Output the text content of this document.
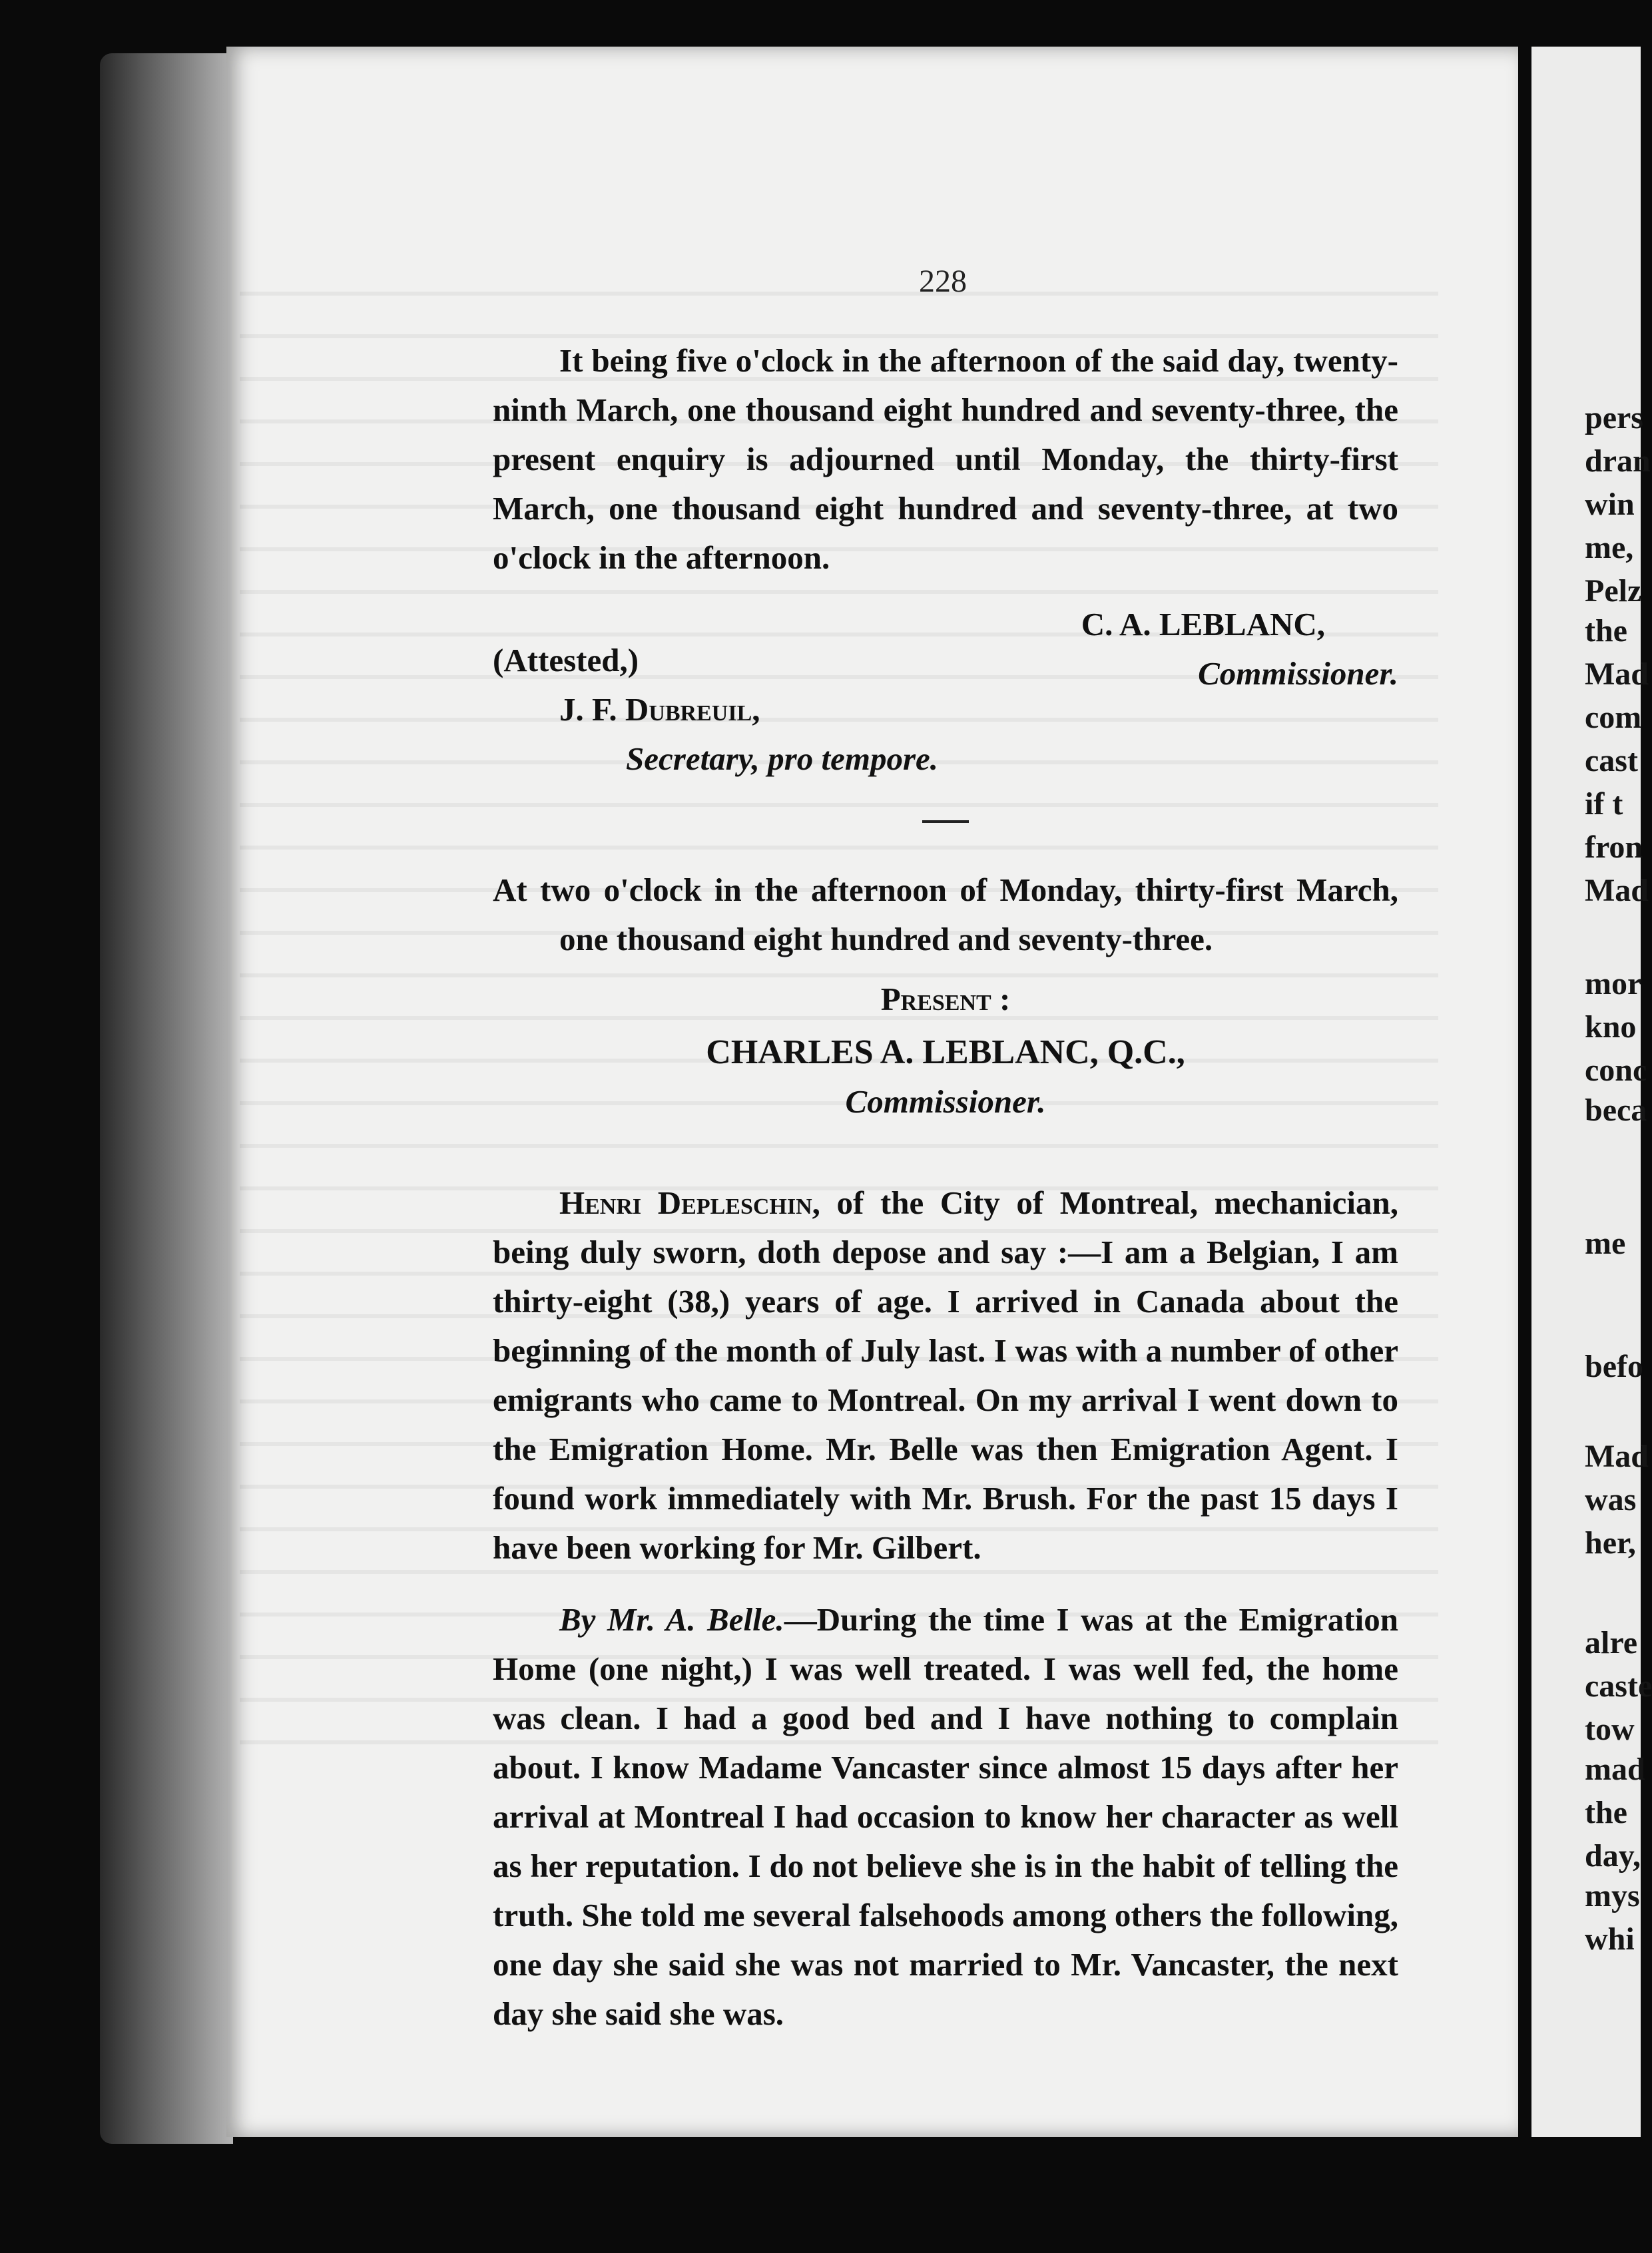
pers
dran
win
me,
Pelz
the
Mad
com
cast
if t
fron
Mad
mor
kno
conc
beca
me
befo
Mad
was
her,
alre
caste
tow
mad
the
day,
mys
whi
228
It being five o'clock in the afternoon of the said day, twenty-ninth March, one thousand eight hundred and seventy-three, the present enquiry is adjourned until Monday, the thirty-first March, one thousand eight hundred and seventy-three, at two o'clock in the afternoon.
C. A. LEBLANC,
Commissioner.
(Attested,)
J. F. Dubreuil,
Secretary, pro tempore.
At two o'clock in the afternoon of Monday, thirty-first March, one thousand eight hundred and seventy-three.
Present :
CHARLES A. LEBLANC, Q.C.,
Commissioner.
Henri Depleschin, of the City of Montreal, mechanician, being duly sworn, doth depose and say :—I am a Belgian, I am thirty-eight (38,) years of age. I arrived in Canada about the beginning of the month of July last. I was with a number of other emigrants who came to Montreal. On my arrival I went down to the Emigration Home. Mr. Belle was then Emigration Agent. I found work immediately with Mr. Brush. For the past 15 days I have been working for Mr. Gilbert.
By Mr. A. Belle.—During the time I was at the Emigration Home (one night,) I was well treated. I was well fed, the home was clean. I had a good bed and I have nothing to complain about. I know Madame Vancaster since almost 15 days after her arrival at Montreal I had occasion to know her character as well as her reputation. I do not believe she is in the habit of telling the truth. She told me several falsehoods among others the following, one day she said she was not married to Mr. Vancaster, the next day she said she was.
